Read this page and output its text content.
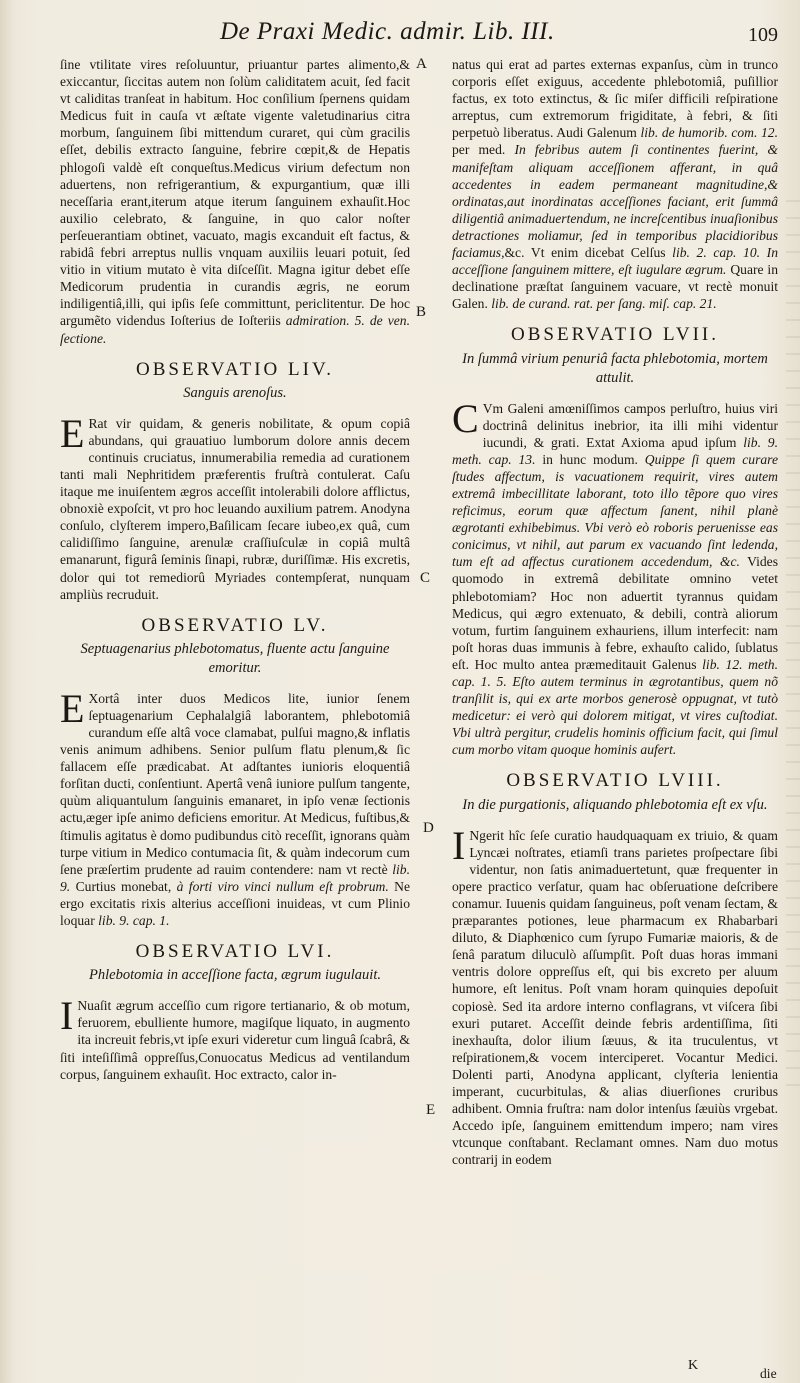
De Praxi Medic. admir. Lib. III.	109

ſine vtilitate vires reſoluuntur, priuantur partes alimento,& exiccantur, ſiccitas autem non ſolùm caliditatem acuit, ſed facit vt caliditas tranſeat in habitum. Hoc conſilium ſpernens quidam Medicus fuit in cauſa vt æſtate vigente valetudinarius citra morbum, ſanguinem ſibi mittendum curaret, qui cùm gracilis eſſet, debilis extracto ſanguine, febrire cœpit,& de Hepatis phlogoſi valdè eſt conqueſtus.Medicus virium defectum non aduertens, non refrigerantium, & expurgantium, quæ illi neceſſaria erant,iterum atque iterum ſanguinem exhauſit.Hoc auxilio celebrato, & ſanguine, in quo calor noſter perſeuerantiam obtinet, vacuato, magis excanduit eſt factus, & rabidâ febri arreptus nullis vnquam auxiliis leuari potuit, ſed vitio in vitium mutato è vita diſceſſit. Magna igitur debet eſſe Medicorum prudentia in curandis ægris, ne eorum indiligentiâ,illi, qui ipſis ſeſe committunt, periclitentur. De hoc argumẽto videndus Ioſterius de Ioſteriis admiration. 5. de ven. ſectione.

OBSERVATIO LIV.
Sanguis arenoſus.

E Rat vir quidam, & generis nobilitate, & opum copiâ abundans, qui grauatiuo lumborum dolore annis decem continuis cruciatus, innumerabilia remedia ad curationem tanti mali Nephritidem præferentis fruſtrà contulerat. Caſu itaque me inuiſentem ægros acceſſit intolerabili dolore afflictus, obnoxiè expoſcit, vt pro hoc leuando auxilium patrem. Anodyna conſulo, clyſterem impero,Baſilicam ſecare iubeo,ex quâ, cum calidiſſimo ſanguine, arenulæ craſſiuſculæ in copiâ multâ emanarunt, figurâ ſeminis ſinapi, rubræ, duriſſimæ. His excretis, dolor qui tot remediorû Myriades contempſerat, nunquam ampliùs recruduit.

OBSERVATIO LV.
Septuagenarius phlebotomatus, fluente actu ſanguine emoritur.

E Xortâ inter duos Medicos lite, iunior ſenem ſeptuagenarium Cephalalgiâ laborantem, phlebotomiâ curandum eſſe altâ voce clamabat, pulſui magno,& inflatis venis animum adhibens. Senior pulſum flatu plenum,& ſic fallacem eſſe prædicabat. At adſtantes iunioris eloquentiâ forſitan ducti, conſentiunt. Apertâ venâ iuniore pulſum tangente, quùm aliquantulum ſanguinis emanaret, in ipſo venæ ſectionis actu,æger ipſe animo deficiens emoritur. At Medicus, fuſtibus,& ſtimulis agitatus è domo pudibundus citò receſſit, ignorans quàm turpe vitium in Medico contumacia ſit, & quàm indecorum cum ſene præſertim prudente ad rauim contendere: nam vt rectè lib. 9. Curtius monebat, à forti viro vinci nullum eſt probrum. Ne ergo excitatis rixis alterius acceſſioni inuideas, vt cum Plinio loquar lib. 9. cap. 1.

OBSERVATIO LVI.
Phlebotomia in acceſſione facta, ægrum iugulauit.

I Nuaſit ægrum acceſſio cum rigore tertianario, & ob motum, feruorem, ebulliente humore, magiſque liquato, in augmento ita increuit febris,vt ipſe exuri videretur cum linguâ ſcabrâ, & ſiti inteſiſſimâ oppreſſus,Conuocatus Medicus ad ventilandum corpus, ſanguinem exhauſit. Hoc extracto, calor in-

A
B
C
D
E

natus qui erat ad partes externas expanſus, cùm in trunco corporis eſſet exiguus, accedente phlebotomiâ, puſillior factus, ex toto extinctus, & ſic miſer difficili reſpiratione arreptus, cum extremorum frigiditate, à febri, & ſiti perpetuò liberatus. Audi Galenum lib. de humorib. com. 12. per med. In febribus autem ſi continentes fuerint, & manifeſtam aliquam acceſſionem afferant, in quâ accedentes in eadem permaneant magnitudine,& ordinatas,aut inordinatas acceſſiones faciant, erit ſummâ diligentiâ animaduertendum, ne increſcentibus inuaſionibus detractiones moliamur, ſed in temporibus placidioribus faciamus,&c. Vt enim dicebat Celſus lib. 2. cap. 10. In acceſſione ſanguinem mittere, eſt iugulare ægrum. Quare in declinatione præſtat ſanguinem vacuare, vt rectè monuit Galen. lib. de curand. rat. per ſang. miſ. cap. 21.

OBSERVATIO LVII.
In ſummâ virium penuriâ facta phlebotomia, mortem attulit.

C Vm Galeni amœniſſimos campos perluſtro, huius viri doctrinâ delinitus inebrior, ita illi mihi videntur iucundi, & grati. Extat Axioma apud ipſum lib. 9. meth. cap. 13. in hunc modum. Quippe ſi quem curare ſtudes affectum, is vacuationem requirit, vires autem extremâ imbecillitate laborant, toto illo tẽpore quo vires reficimus, eorum quæ affectum ſanent, nihil planè ægrotanti exhibebimus. Vbi verò eò roboris peruenisse eas conicimus, vt nihil, aut parum ex vacuando ſint ledenda, tum eſt ad affectus curationem accedendum, &c. Vides quomodo in extremâ debilitate omnino vetet phlebotomiam? Hoc non aduertit tyrannus quidam Medicus, qui ægro extenuato, & debili, contrà aliorum votum, furtim ſanguinem exhauriens, illum interfecit: nam poſt horas duas immunis à febre, exhauſto calido, ſublatus eſt. Hoc multo antea præmeditauit Galenus lib. 12. meth. cap. 1. 5. Eſto autem terminus in ægrotantibus, quem nõ tranſilit is, qui ex arte morbos generosè oppugnat, vt tutò medicetur: ei verò qui dolorem mitigat, vt vires cuſtodiat. Vbi ultrà pergitur, crudelis hominis officium facit, qui ſimul cum morbo vitam quoque hominis aufert.

OBSERVATIO LVIII.
In die purgationis, aliquando phlebotomia eſt ex vſu.

I Ngerit hîc ſeſe curatio haudquaquam ex triuio, & quam Lyncæi noſtrates, etiamſi trans parietes proſpectare ſibi videntur, non ſatis animaduertetunt, quæ frequenter in opere practico verſatur, quam hac obſeruatione deſcribere conamur. Iuuenis quidam ſanguineus, poſt venam ſectam, & præparantes potiones, leue pharmacum ex Rhabarbari diluto, & Diaphœnico cum ſyrupo Fumariæ maioris, & de ſenâ paratum diluculò aſſumpſit. Poſt duas horas immani ventris dolore oppreſſus eſt, qui bis excreto per aluum humore, eſt lenitus. Poſt vnam horam quinquies depoſuit copiosè. Sed ita ardore interno conflagrans, vt viſcera ſibi exuri putaret. Acceſſit deinde febris ardentiſſima, ſiti inexhauſta, dolor ilium ſæuus, & ita truculentus, vt reſpirationem,& vocem interciperet. Vocantur Medici. Dolenti parti, Anodyna applicant, clyſteria lenientia imperant, cucurbitulas, & alias diuerſiones cruribus adhibent. Omnia fruſtra: nam dolor intenſus ſæuiùs vrgebat. Accedo ipſe, ſanguinem emittendum impero; nam vires vtcunque conſtabant. Reclamant omnes. Nam duo motus contrarij in eodem

K
die
